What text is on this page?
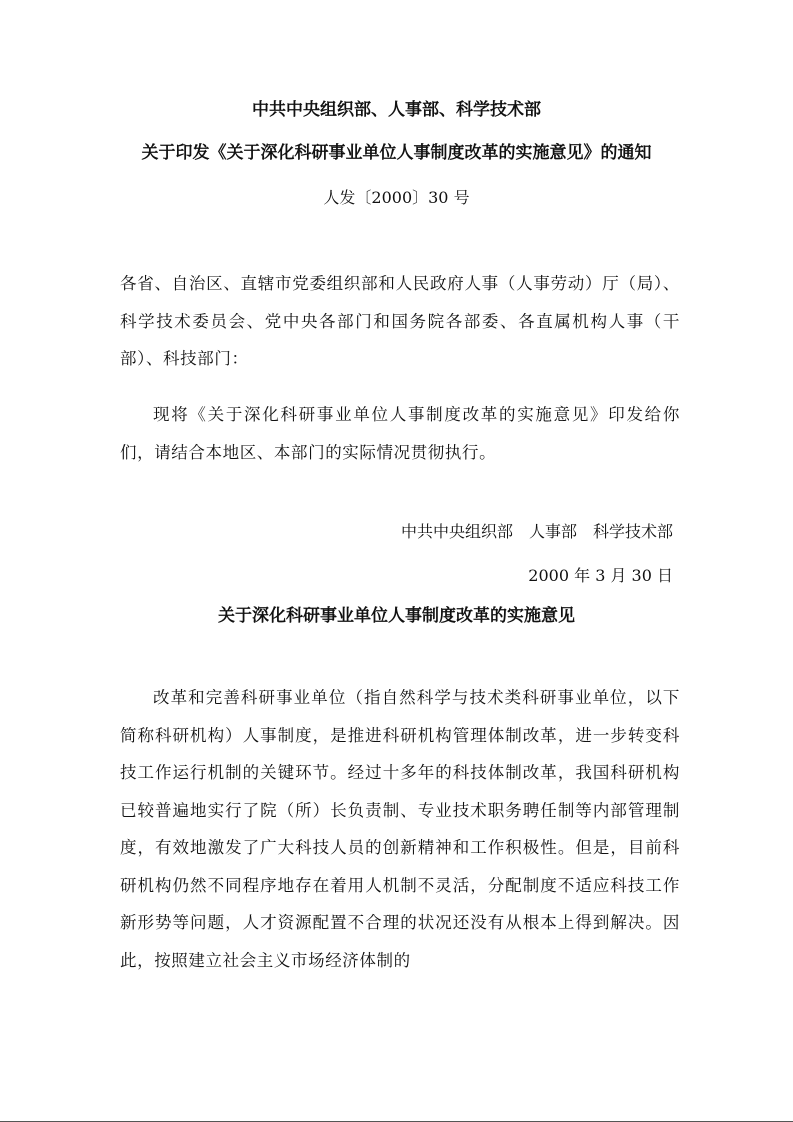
中共中央组织部、人事部、科学技术部
关于印发《关于深化科研事业单位人事制度改革的实施意见》的通知
人发〔2000〕30 号

各省、自治区、直辖市党委组织部和人民政府人事（人事劳动）厅（局）、科学技术委员会、党中央各部门和国务院各部委、各直属机构人事（干部）、科技部门：

现将《关于深化科研事业单位人事制度改革的实施意见》印发给你们，请结合本地区、本部门的实际情况贯彻执行。

中共中央组织部　人事部　科学技术部
2000 年 3 月 30 日
关于深化科研事业单位人事制度改革的实施意见

改革和完善科研事业单位（指自然科学与技术类科研事业单位，以下简称科研机构）人事制度，是推进科研机构管理体制改革，进一步转变科技工作运行机制的关键环节。经过十多年的科技体制改革，我国科研机构已较普遍地实行了院（所）长负责制、专业技术职务聘任制等内部管理制度，有效地激发了广大科技人员的创新精神和工作积极性。但是，目前科研机构仍然不同程序地存在着用人机制不灵活，分配制度不适应科技工作新形势等问题，人才资源配置不合理的状况还没有从根本上得到解决。因此，按照建立社会主义市场经济体制的
